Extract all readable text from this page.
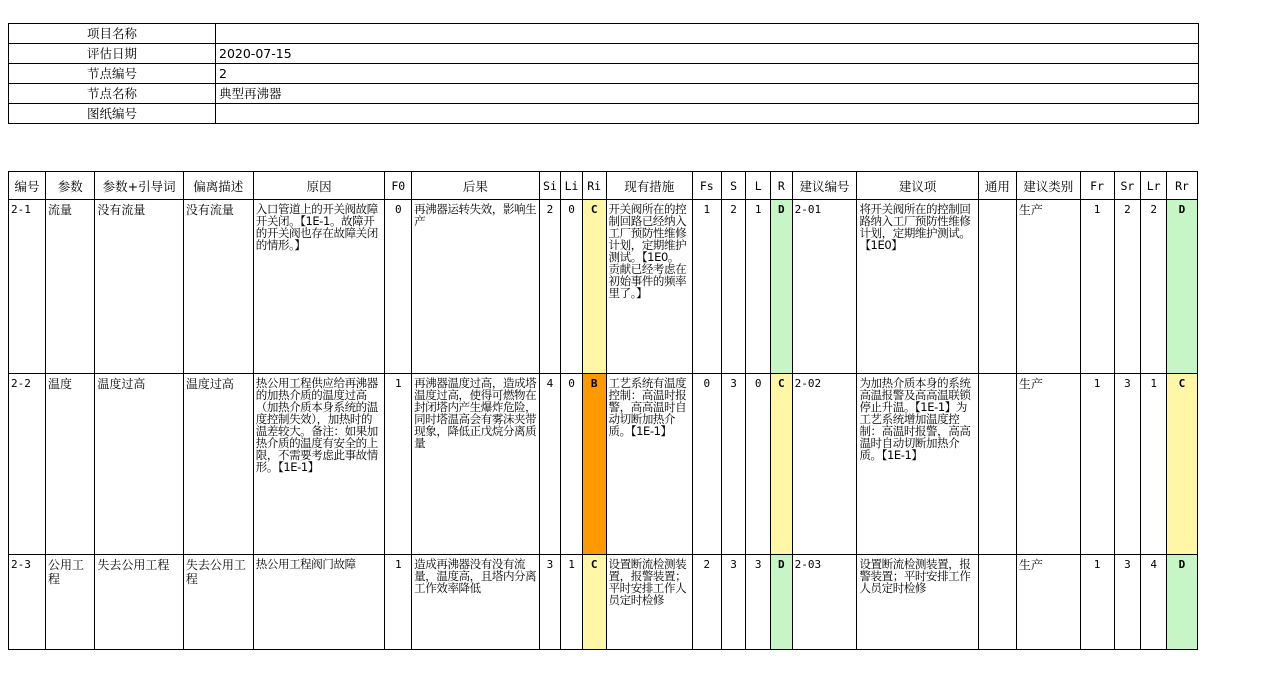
项目名称	
评估日期	2020-07-15
节点编号	2
节点名称	典型再沸器
图纸编号	
编号	参数	参数+引导词	偏离描述	原因	F0	后果	Si	Li	Ri	现有措施	Fs	S	L	R	建议编号	建议项	通用	建议类别	Fr	Sr	Lr	Rr

2-1	流量	没有流量	没有流量	入口管道上的开关阀故障开关闭。【1E-1。故障开的开关阀也存在故障关闭的情形。】	0	再沸器运转失效，影响生产	2	0	C	开关阀所在的控制回路已经纳入工厂预防性维修计划，定期维护测试。【1E0。贡献已经考虑在初始事件的频率里了。】	1	2	1	D	2-01	将开关阀所在的控制回路纳入工厂预防性维修计划，定期维护测试。【1E0】		生产	1	2	2	D

2-2	温度	温度过高	温度过高	热公用工程供应给再沸器的加热介质的温度过高（加热介质本身系统的温度控制失效），加热时的温差较大。备注：如果加热介质的温度有安全的上限，不需要考虑此事故情形。【1E-1】	1	再沸器温度过高，造成塔温度过高，使得可燃物在封闭塔内产生爆炸危险，同时塔温高会有雾沫夹带现象，降低正戊烷分离质量	4	0	B	工艺系统有温度控制：高温时报警，高高温时自动切断加热介质。【1E-1】	0	3	0	C	2-02	为加热介质本身的系统高温报警及高高温联锁停止升温。【1E-1】为工艺系统增加温度控制：高温时报警，高高温时自动切断加热介质。【1E-1】		生产	1	3	1	C

2-3	公用工程	失去公用工程	失去公用工程	热公用工程阀门故障	1	造成再沸器没有没有流量，温度高，且塔内分离工作效率降低	3	1	C	设置断流检测装置，报警装置；平时安排工作人员定时检修	2	3	3	D	2-03	设置断流检测装置，报警装置；平时安排工作人员定时检修		生产	1	3	4	D
